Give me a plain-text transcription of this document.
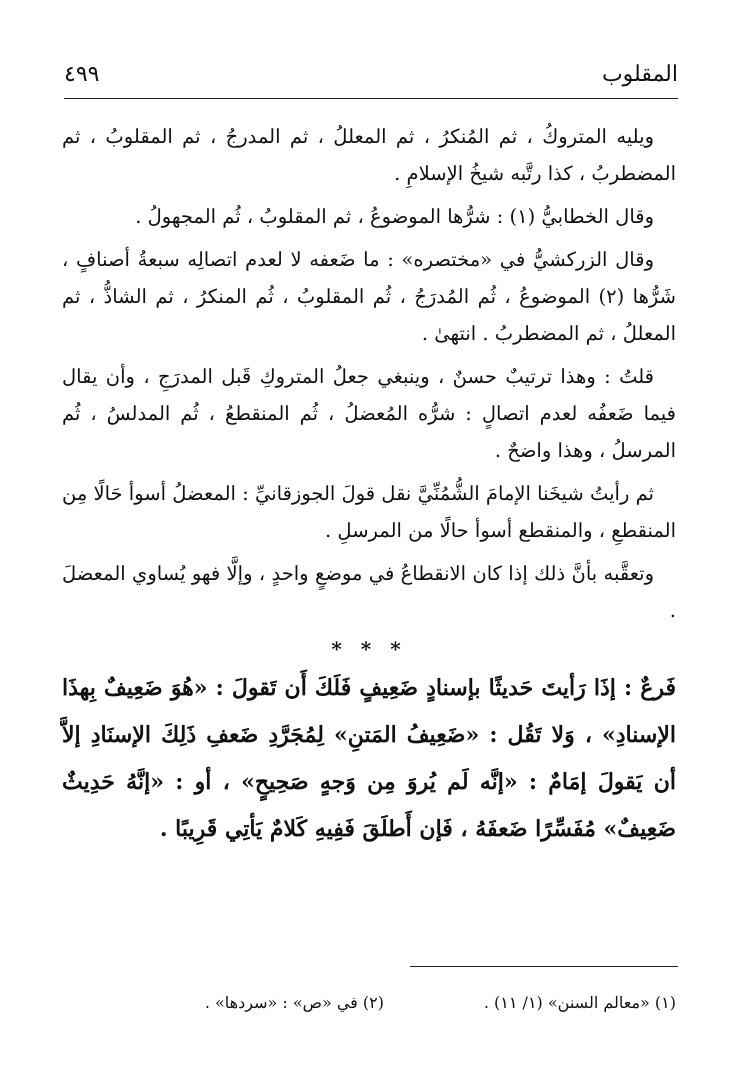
المقلوب
٤٩٩

ويليه المتروكُ ، ثم المُنكرُ ، ثم المعللُ ، ثم المدرجُ ، ثم المقلوبُ ، ثم المضطربُ ، كذا رتَّبه شيخُ الإسلامِ .

وقال الخطابيُّ (١) : شرُّها الموضوعُ ، ثم المقلوبُ ، ثُم المجهولُ .

وقال الزركشيُّ في «مختصره» : ما ضَعفه لا لعدم اتصالِه سبعةُ أصنافٍ ، شَرُّها (٢) الموضوعُ ، ثُم المُدرَجُ ، ثُم المقلوبُ ، ثُم المنكرُ ، ثم الشاذُّ ، ثم المعللُ ، ثم المضطربُ . انتهىٰ .

قلتُ : وهذا ترتيبٌ حسنٌ ، وينبغي جعلُ المتروكِ قَبل المدرَجِ ، وأن يقال فيما ضَعفُه لعدم اتصالٍ : شرُّه المُعضلُ ، ثُم المنقطعُ ، ثُم المدلسُ ، ثُم المرسلُ ، وهذا واضحٌ .

ثم رأيتُ شيخَنا الإمامَ الشُّمُنِّيَّ نقل قولَ الجوزقانيِّ : المعضلُ أسوأ حَالًا مِن المنقطعِ ، والمنقطع أسوأ حالًا من المرسلِ .

وتعقَّبه بأنَّ ذلك إذا كان الانقطاعُ في موضعٍ واحدٍ ، وإلَّا فهو يُساوي المعضلَ .

* * *

فَرعٌ : إذَا رَأيتَ حَديثًا بإسنادٍ ضَعِيفٍ فَلَكَ أَن تَقولَ : «هُوَ ضَعِيفٌ بِهذَا الإسنادِ» ، وَلا تَقُل : «ضَعِيفُ المَتنِ» لِمُجَرَّدِ ضَعفِ ذَلِكَ الإسنَادِ إلاَّ أن يَقولَ إمَامٌ : «إنَّه لَم يُروَ مِن وَجهٍ صَحِيحٍ» ، أو : «إنَّهُ حَدِيثٌ ضَعِيفٌ» مُفَسِّرًا ضَعفَهُ ، فَإن أَطلَقَ فَفِيهِ كَلامٌ يَأتِي قَرِيبًا .

(١) «معالم السنن» (١/ ١١) .
(٢) في «ص» : «سردها» .
